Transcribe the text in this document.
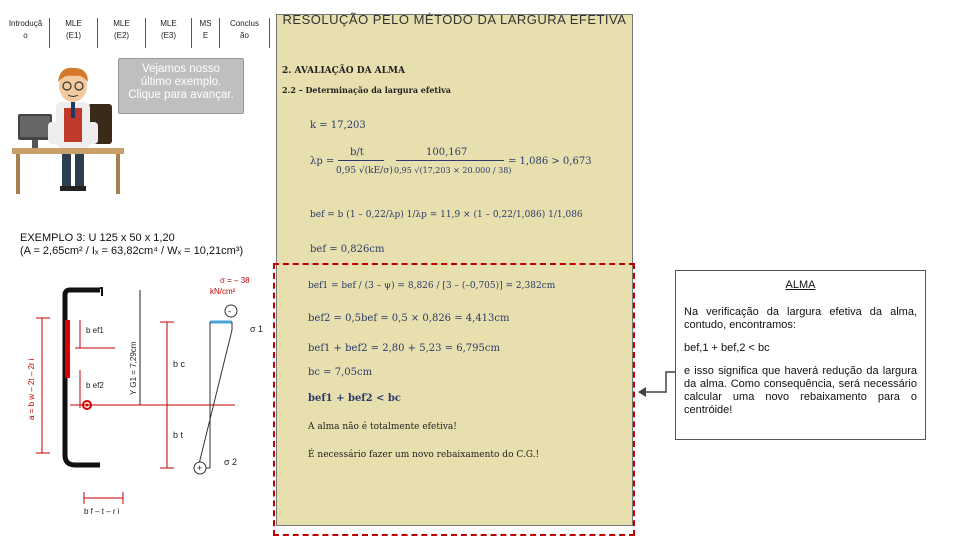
Introduçã
o
MLE
(E1)
MLE
(E2)
MLE
(E3)
MS
E
Conclus
ão
Vejamos nosso
último exemplo.
Clique para avançar.
EXEMPLO 3: U 125 x 50 x 1,20
(A = 2,65cm² / Iₓ = 63,82cm⁴ / Wₓ = 10,21cm³)
a = b w – 2t – 2r i
b ef1
b ef2	Y G1 = 7,29cm	b c
b t
σ = – 38
kN/cm²
-
σ 1
+
σ 2
b f – t – r i
RESOLUÇÃO PELO MÉTODO DA LARGURA EFETIVA
2. AVALIAÇÃO DA ALMA
2.2 – Determinação da largura efetiva
k = 17,203
λp =
b/t
0,95 √(kE/σ)
100,167
0,95 √(17,203 × 20.000 / 38)
= 1,086 > 0,673
bef = b (1 – 0,22/λp) 1/λp = 11,9 × (1 – 0,22/1,086) 1/1,086
bef = 0,826cm
bef1 = bef / (3 – ψ) = 8,826 / [3 – (–0,705)] = 2,382cm
bef2 = 0,5bef = 0,5 × 0,826 = 4,413cm
bef1 + bef2 = 2,80 + 5,23 = 6,795cm
bc = 7,05cm
bef1 + bef2 < bc
A alma não é totalmente efetiva!
É necessário fazer um novo rebaixamento do C.G.!
ALMA
Na verificação da largura efetiva da alma, contudo, encontramos:
bef,1 + bef,2 < bc
e isso significa que haverá redução da largura da alma. Como consequência, será necessário calcular uma novo rebaixamento para o centróide!
